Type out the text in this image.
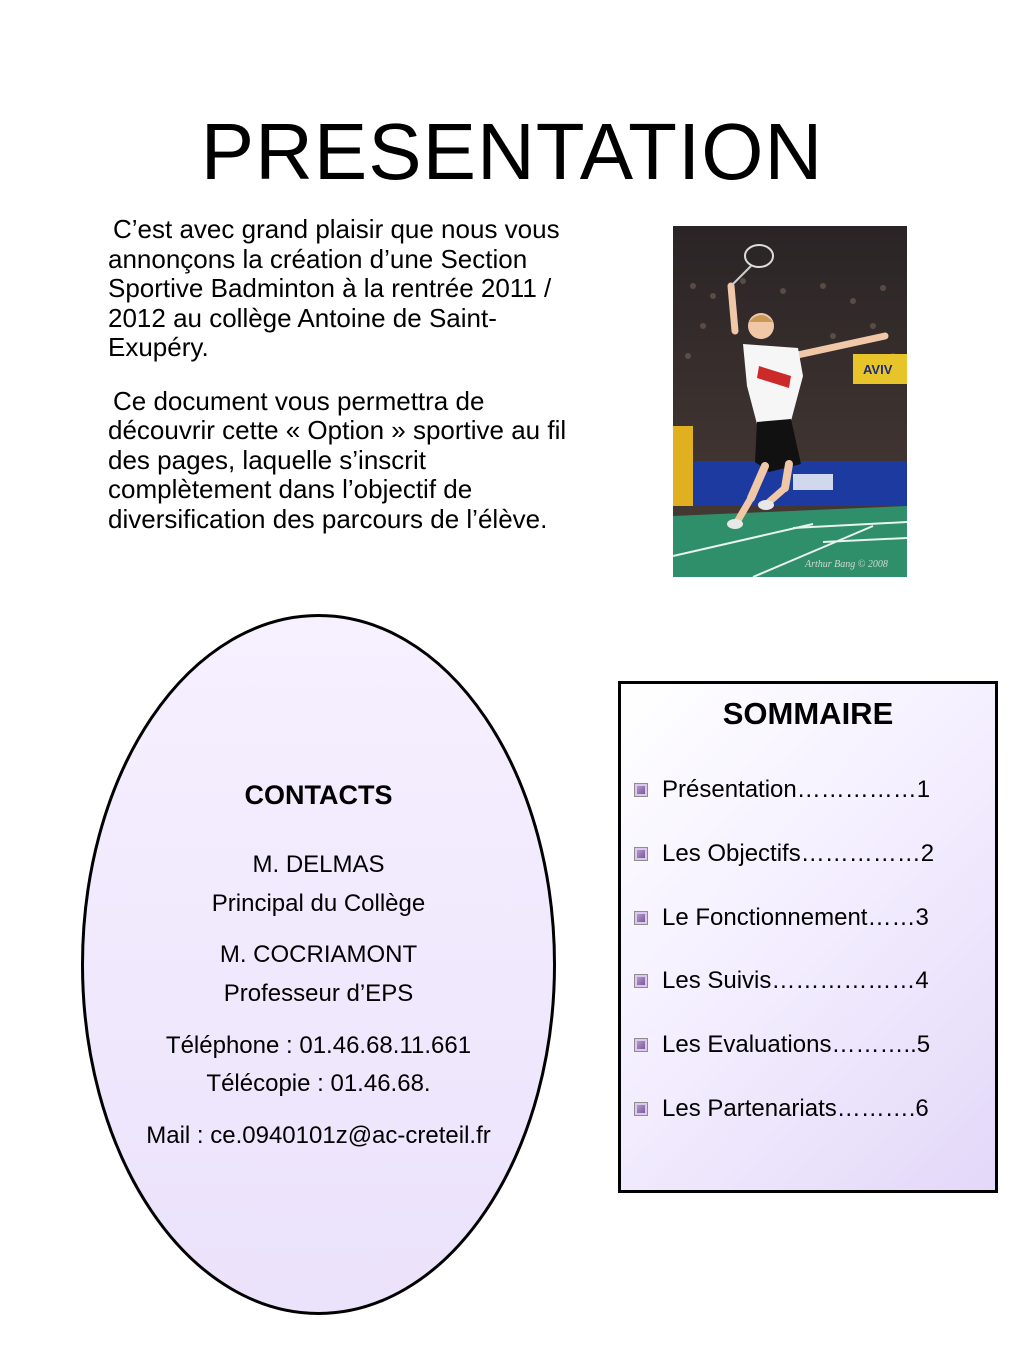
PRESENTATION

C’est avec grand plaisir que nous vous annonçons la création d’une Section Sportive Badminton à la rentrée 2011 / 2012 au collège Antoine de Saint-Exupéry.

Ce document vous permettra de découvrir cette « Option » sportive au fil des pages, laquelle s’inscrit complètement dans l’objectif de diversification des parcours de l’élève.

AVIV
Arthur Bang © 2008
CONTACTS
M. DELMAS
Principal du Collège
M. COCRIAMONT
Professeur d’EPS
Téléphone : 01.46.68.11.661
Télécopie : 01.46.68.
Mail : ce.0940101z@ac-creteil.fr
SOMMAIRE
Présentation……………1
Les Objectifs……………2
Le Fonctionnement……3
Les Suivis………………4
Les Evaluations………..5
Les Partenariats……….6
